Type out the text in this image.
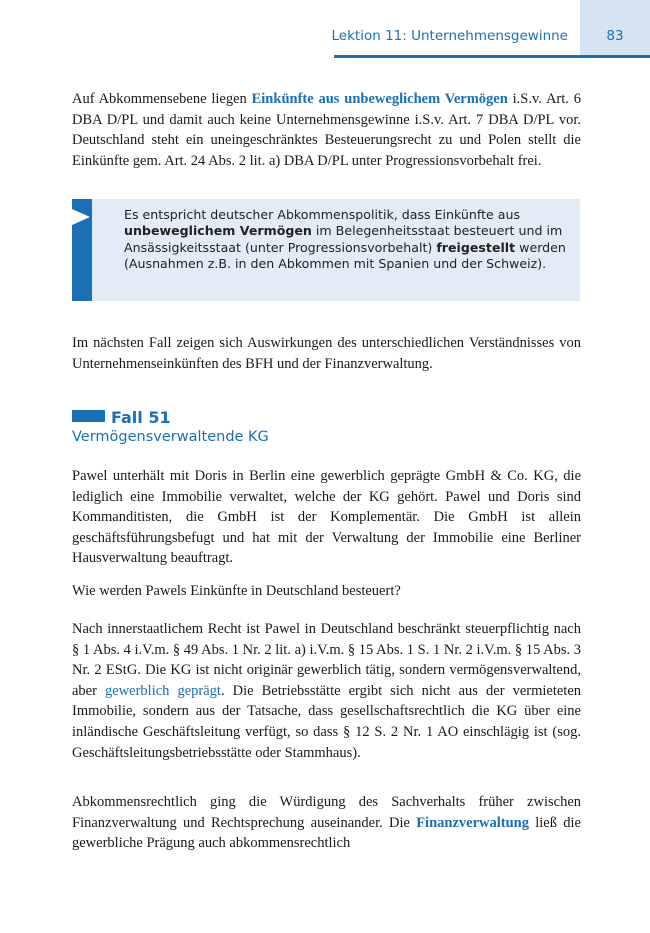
Lektion 11: Unternehmensgewinne	83

Auf Abkommensebene liegen Einkünfte aus unbeweglichem Vermögen i.S.v. Art. 6 DBA D/PL und damit auch keine Unternehmensgewinne i.S.v. Art. 7 DBA D/PL vor. Deutschland steht ein uneingeschränktes Besteuerungsrecht zu und Polen stellt die Einkünfte gem. Art. 24 Abs. 2 lit. a) DBA D/PL unter Progressionsvorbehalt frei.

Es entspricht deutscher Abkommenspolitik, dass Einkünfte aus unbeweglichem Vermögen im Belegenheitsstaat besteuert und im Ansässigkeitsstaat (unter Progressionsvorbehalt) freigestellt werden (Ausnahmen z.B. in den Abkommen mit Spanien und der Schweiz).

Im nächsten Fall zeigen sich Auswirkungen des unterschiedlichen Verständnisses von Unternehmenseinkünften des BFH und der Finanzverwaltung.

Fall 51
Vermögensverwaltende KG

Pawel unterhält mit Doris in Berlin eine gewerblich geprägte GmbH & Co. KG, die lediglich eine Immobilie verwaltet, welche der KG gehört. Pawel und Doris sind Kommanditisten, die GmbH ist der Komplementär. Die GmbH ist allein geschäftsführungsbefugt und hat mit der Verwaltung der Immobilie eine Berliner Hausverwaltung beauftragt.

Wie werden Pawels Einkünfte in Deutschland besteuert?

Nach innerstaatlichem Recht ist Pawel in Deutschland beschränkt steuerpflichtig nach § 1 Abs. 4 i.V.m. § 49 Abs. 1 Nr. 2 lit. a) i.V.m. § 15 Abs. 1 S. 1 Nr. 2 i.V.m. § 15 Abs. 3 Nr. 2 EStG. Die KG ist nicht originär gewerblich tätig, sondern vermögensverwaltend, aber gewerblich geprägt. Die Betriebsstätte ergibt sich nicht aus der vermieteten Immobilie, sondern aus der Tatsache, dass gesellschaftsrechtlich die KG über eine inländische Geschäftsleitung verfügt, so dass § 12 S. 2 Nr. 1 AO einschlägig ist (sog. Geschäftsleitungsbetriebsstätte oder Stammhaus).

Abkommensrechtlich ging die Würdigung des Sachverhalts früher zwischen Finanzverwaltung und Rechtsprechung auseinander. Die Finanzverwaltung ließ die gewerbliche Prägung auch abkommensrechtlich
